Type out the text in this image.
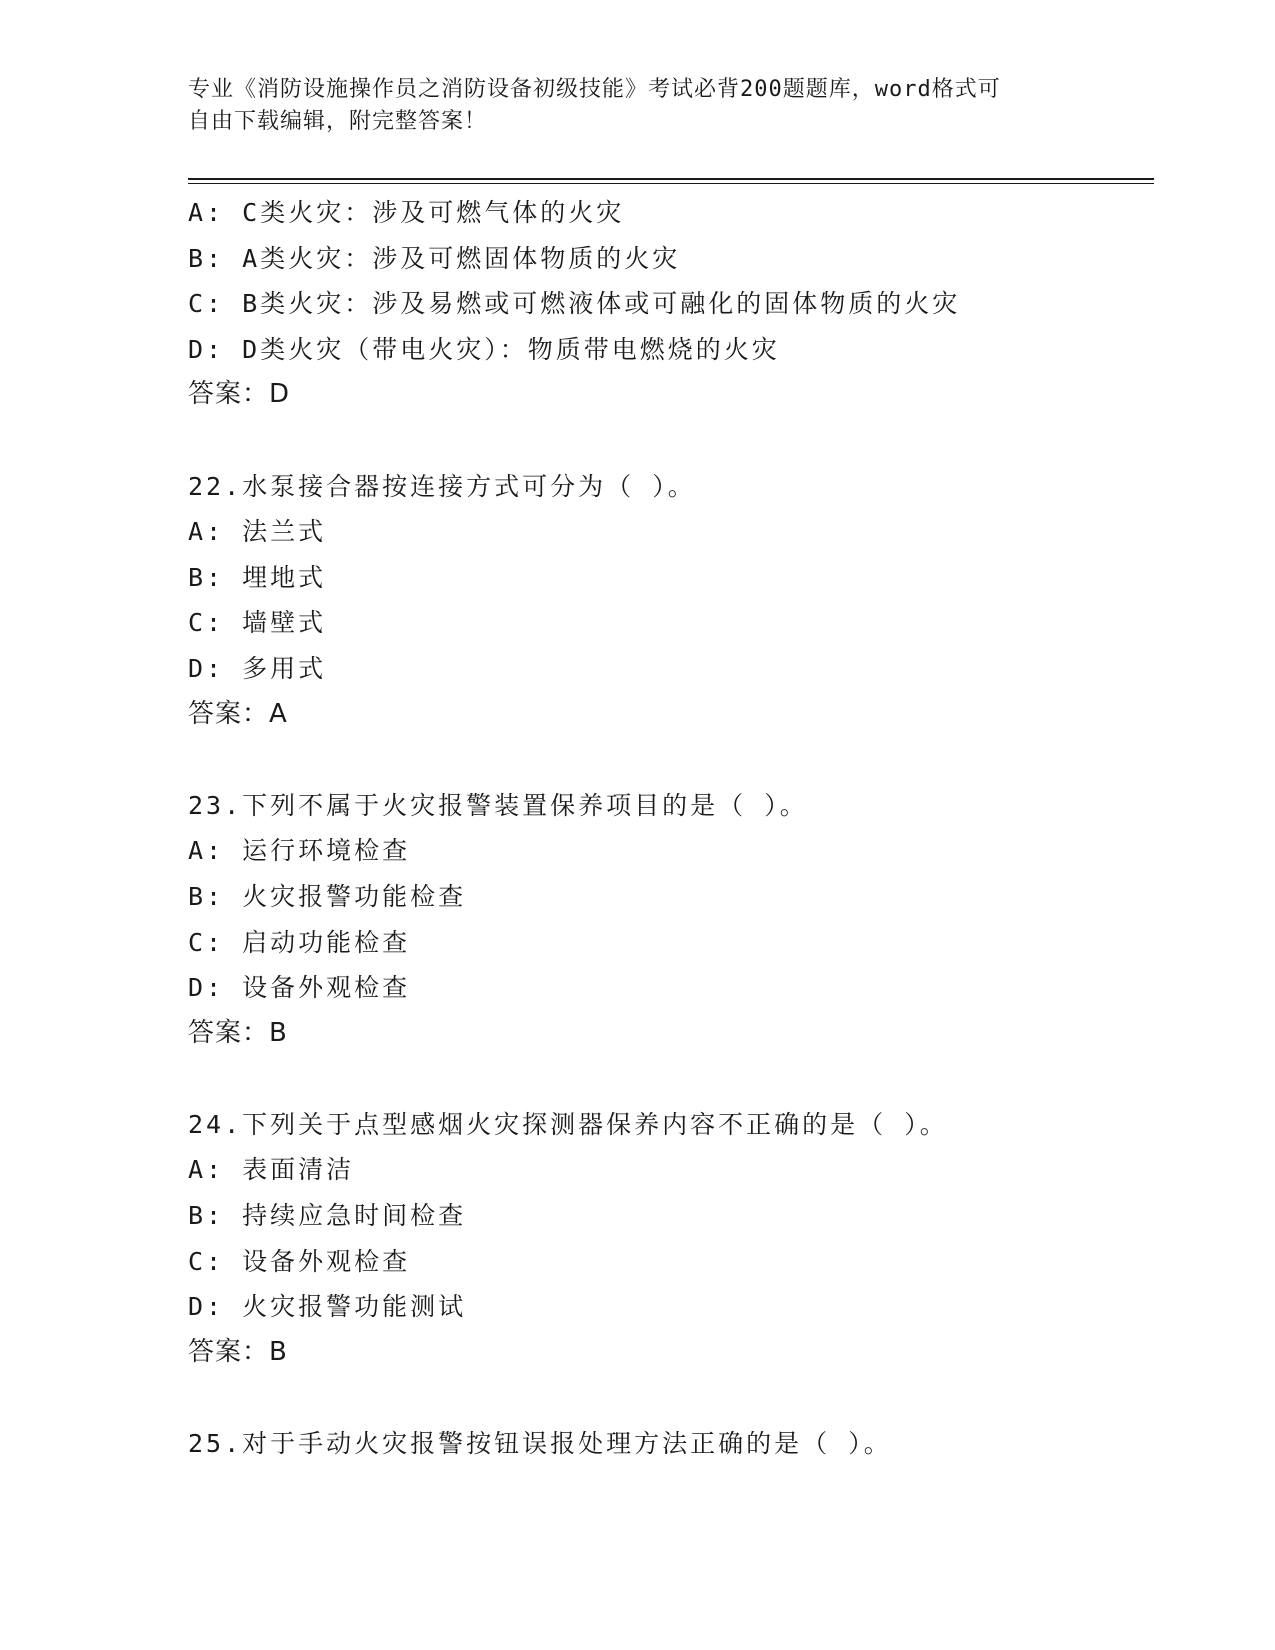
专业《消防设施操作员之消防设备初级技能》考试必背200题题库，word格式可
自由下载编辑，附完整答案！
A: C类火灾：涉及可燃气体的火灾
B: A类火灾：涉及可燃固体物质的火灾
C: B类火灾：涉及易燃或可燃液体或可融化的固体物质的火灾
D: D类火灾（带电火灾）：物质带电燃烧的火灾
答案：D
22.水泵接合器按连接方式可分为（ ）。
A: 法兰式
B: 埋地式
C: 墙壁式
D: 多用式
答案：A
23.下列不属于火灾报警装置保养项目的是（ ）。
A: 运行环境检查
B: 火灾报警功能检查
C: 启动功能检查
D: 设备外观检查
答案：B
24.下列关于点型感烟火灾探测器保养内容不正确的是（ ）。
A: 表面清洁
B: 持续应急时间检查
C: 设备外观检查
D: 火灾报警功能测试
答案：B
25.对于手动火灾报警按钮误报处理方法正确的是（ ）。
